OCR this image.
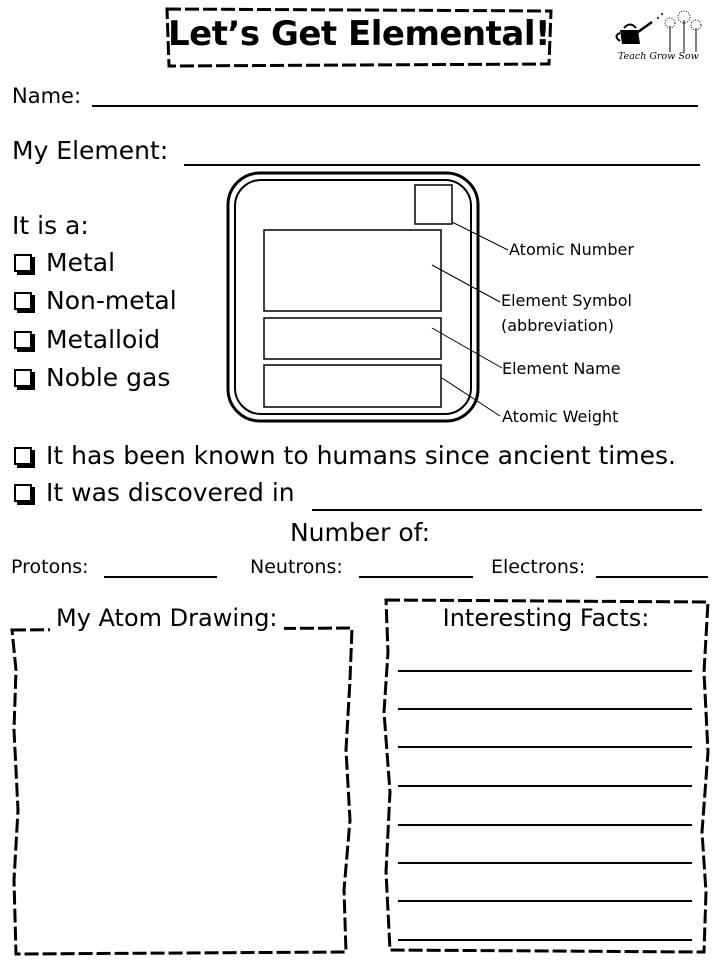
Let’s Get Elemental!
Teach Grow Sow
Name:
My Element:
It is a:
Metal
Non-metal
Metalloid
Noble gas
Atomic Number
Element Symbol
(abbreviation)
Element Name
Atomic Weight
It has been known to humans since ancient times.
It was discovered in
Number of:
Protons:	Neutrons:	Electrons:
My Atom Drawing:	Interesting Facts:
